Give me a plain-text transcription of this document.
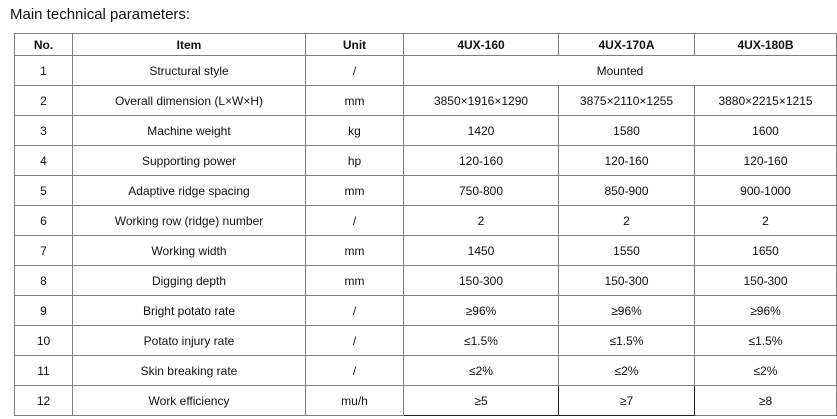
Main technical parameters:
No.	Item	Unit	4UX-160	4UX-170A	4UX-180B
1	Structural style	/	Mounted		
2	Overall dimension (L×W×H)	mm	3850×1916×1290	3875×2110×1255	3880×2215×1215
3	Machine weight	kg	1420	1580	1600
4	Supporting power	hp	120-160	120-160	120-160
5	Adaptive ridge spacing	mm	750-800	850-900	900-1000
6	Working row (ridge) number	/	2	2	2
7	Working width	mm	1450	1550	1650
8	Digging depth	mm	150-300	150-300	150-300
9	Bright potato rate	/	≥96%	≥96%	≥96%
10	Potato injury rate	/	≤1.5%	≤1.5%	≤1.5%
11	Skin breaking rate	/	≤2%	≤2%	≤2%
12	Work efficiency	mu/h	≥5	≥7	≥8
